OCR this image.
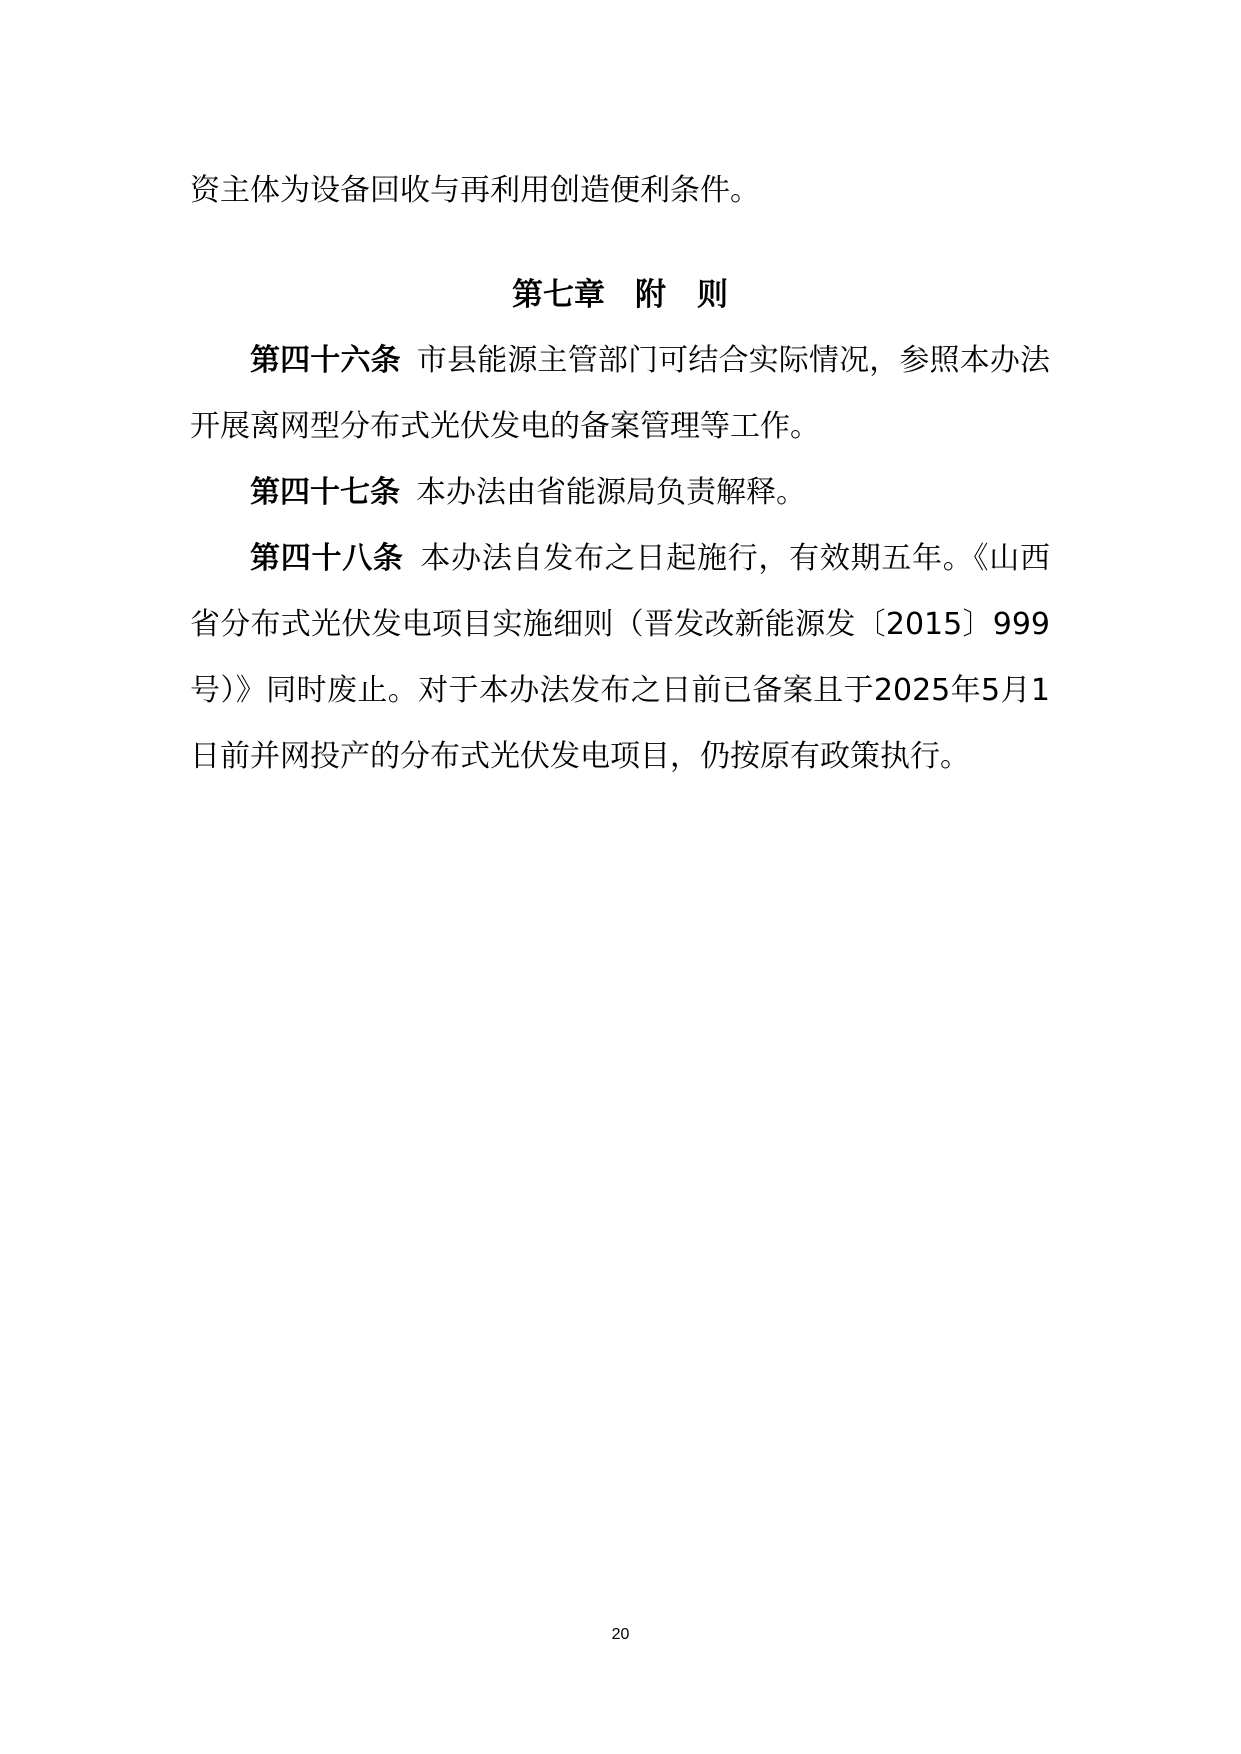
资主体为设备回收与再利用创造便利条件。

第七章 附　则

第四十六条 市县能源主管部门可结合实际情况，参照本办法开展离网型分布式光伏发电的备案管理等工作。

第四十七条 本办法由省能源局负责解释。

第四十八条 本办法自发布之日起施行，有效期五年。《山西省分布式光伏发电项目实施细则（晋发改新能源发〔2015〕999号）》同时废止。对于本办法发布之日前已备案且于2025年5月1日前并网投产的分布式光伏发电项目，仍按原有政策执行。

20
